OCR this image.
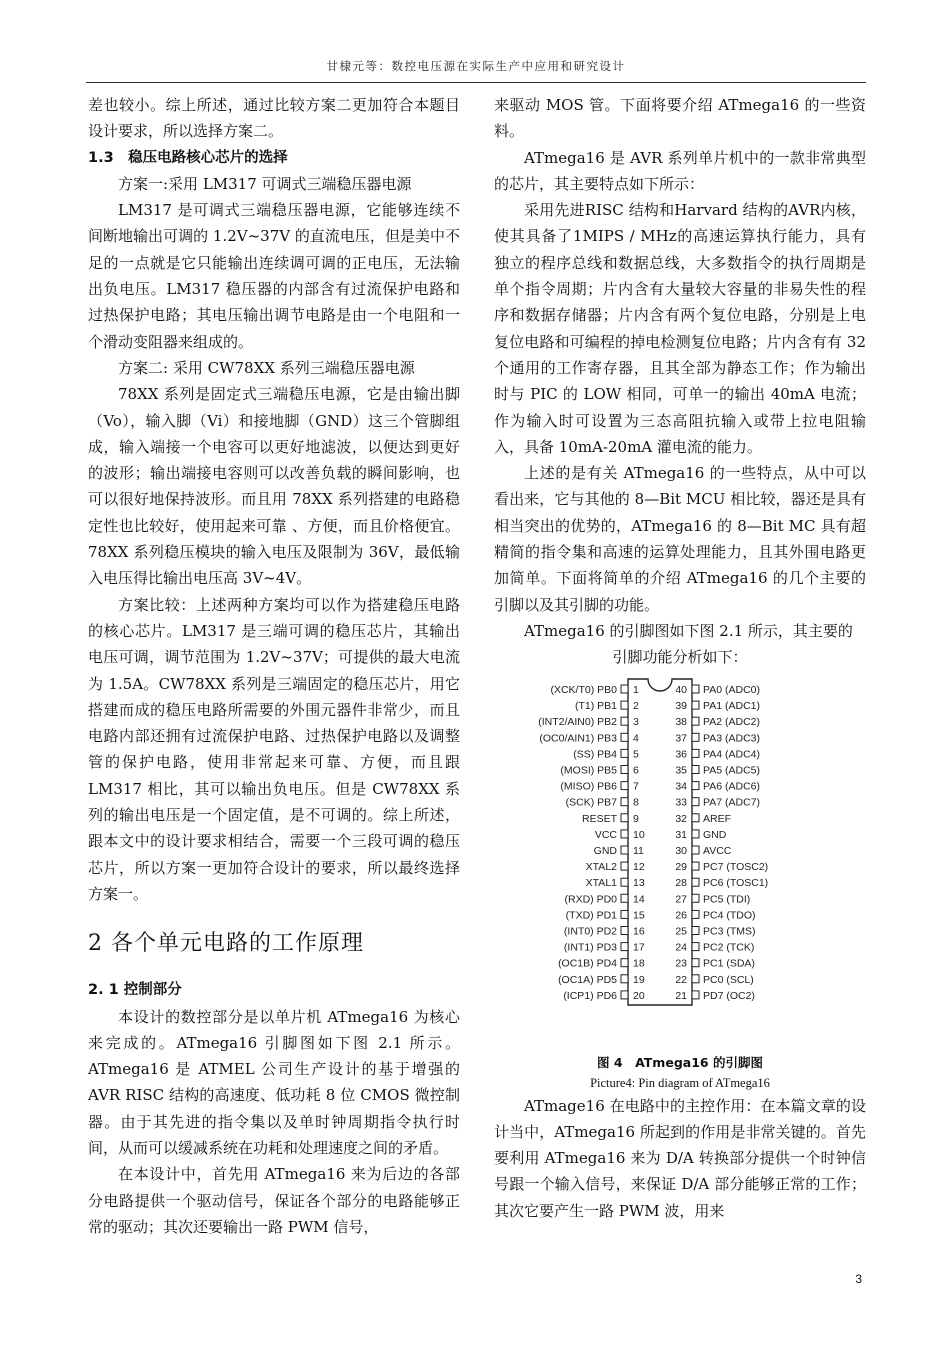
甘棣元等：数控电压源在实际生产中应用和研究设计

差也较小。综上所述，通过比较方案二更加符合本题目设计要求，所以选择方案二。

1.3　稳压电路核心芯片的选择

方案一:采用 LM317 可调式三端稳压器电源

LM317 是可调式三端稳压器电源，它能够连续不间断地输出可调的 1.2V~37V 的直流电压，但是美中不足的一点就是它只能输出连续调可调的正电压，无法输出负电压。LM317 稳压器的内部含有过流保护电路和过热保护电路；其电压输出调节电路是由一个电阻和一个滑动变阻器来组成的。

方案二: 采用 CW78XX 系列三端稳压器电源

78XX 系列是固定式三端稳压电源，它是由输出脚（Vo），输入脚（Vi）和接地脚（GND）这三个管脚组成，输入端接一个电容可以更好地滤波，以便达到更好的波形；输出端接电容则可以改善负载的瞬间影响，也可以很好地保持波形。而且用 78XX 系列搭建的电路稳定性也比较好，使用起来可靠 、方便，而且价格便宜。78XX 系列稳压模块的输入电压及限制为 36V，最低输入电压得比输出电压高 3V~4V。

方案比较：上述两种方案均可以作为搭建稳压电路的核心芯片。LM317 是三端可调的稳压芯片，其输出电压可调，调节范围为 1.2V~37V；可提供的最大电流为 1.5A。CW78XX 系列是三端固定的稳压芯片，用它搭建而成的稳压电路所需要的外围元器件非常少，而且电路内部还拥有过流保护电路、过热保护电路以及调整管的保护电路，使用非常起来可靠、方便，而且跟 LM317 相比，其可以输出负电压。但是 CW78XX 系列的输出电压是一个固定值，是不可调的。综上所述，跟本文中的设计要求相结合，需要一个三段可调的稳压芯片，所以方案一更加符合设计的要求，所以最终选择方案一。

2 各个单元电路的工作原理
2. 1 控制部分

本设计的数控部分是以单片机 ATmega16 为核心来完成的。ATmega16 引脚图如下图 2.1 所示。ATmega16 是 ATMEL 公司生产设计的基于增强的 AVR RISC 结构的高速度、低功耗 8 位 CMOS 微控制器。由于其先进的指令集以及单时钟周期指令执行时间，从而可以缓减系统在功耗和处理速度之间的矛盾。

在本设计中，首先用 ATmega16 来为后边的各部分电路提供一个驱动信号，保证各个部分的电路能够正常的驱动；其次还要输出一路 PWM 信号，

来驱动 MOS 管。下面将要介绍 ATmega16 的一些资料。

ATmega16 是 AVR 系列单片机中的一款非常典型的芯片，其主要特点如下所示：

采用先进RISC 结构和Harvard 结构的AVR内核，使其具备了1MIPS / MHz的高速运算执行能力，具有独立的程序总线和数据总线，大多数指令的执行周期是单个指令周期；片内含有大量较大容量的非易失性的程序和数据存储器；片内含有两个复位电路，分别是上电复位电路和可编程的掉电检测复位电路；片内含有有 32 个通用的工作寄存器，且其全部为静态工作；作为输出时与 PIC 的 LOW 相同，可单一的输出 40mA 电流；作为输入时可设置为三态高阻抗输入或带上拉电阻输入，具备 10mA-20mA 灌电流的能力。

上述的是有关 ATmega16 的一些特点，从中可以看出来，它与其他的 8—Bit MCU 相比较，器还是具有相当突出的优势的，ATmega16 的 8—Bit MC 具有超精简的指令集和高速的运算处理能力，且其外围电路更加简单。下面将简单的介绍 ATmega16 的几个主要的引脚以及其引脚的功能。

ATmega16 的引脚图如下图 2.1 所示，其主要的

引脚功能分析如下：

1
(XCK/T0) PB0
2
(T1) PB1
3
(INT2/AIN0) PB2
4
(OC0/AIN1) PB3
5
(SS) PB4
6
(MOSI) PB5
7
(MISO) PB6
8
(SCK) PB7
9
RESET
10
VCC
11
GND
12
XTAL2
13
XTAL1
14
(RXD) PD0
15
(TXD) PD1
16
(INT0) PD2
17
(INT1) PD3
18
(OC1B) PD4
19
(OC1A) PD5
20
(ICP1) PD6
40 PA0 (ADC0)
39 PA1 (ADC1)
38 PA2 (ADC2)
37 PA3 (ADC3)
36 PA4 (ADC4)
35 PA5 (ADC5)
34 PA6 (ADC6)
33 PA7 (ADC7)
32 AREF
31 GND
30 AVCC
29 PC7 (TOSC2)
28 PC6 (TOSC1)
27 PC5 (TDI)
26 PC4 (TDO)
25 PC3 (TMS)
24 PC2 (TCK)
23 PC1 (SDA)
22 PC0 (SCL)
21 PD7 (OC2)
图 4　ATmega16 的引脚图
Picture4: Pin diagram of ATmega16

ATmage16 在电路中的主控作用：在本篇文章的设计当中，ATmega16 所起到的作用是非常关键的。首先要利用 ATmega16 来为 D/A 转换部分提供一个时钟信号跟一个输入信号，来保证 D/A 部分能够正常的工作；其次它要产生一路 PWM 波，用来

3
